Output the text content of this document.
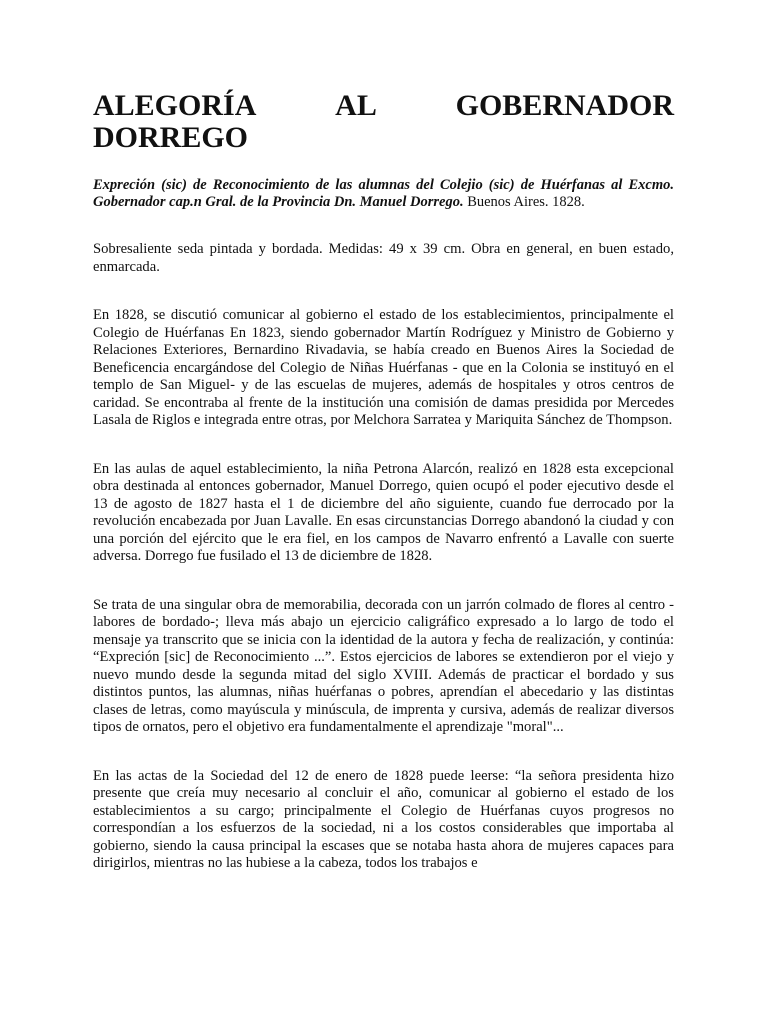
ALEGORÍA	AL	GOBERNADOR
DORREGO
Expreción (sic) de Reconocimiento de las alumnas del Colejio (sic) de Huérfanas al Excmo. Gobernador cap.n Gral. de la Provincia Dn. Manuel Dorrego. Buenos Aires. 1828.

Sobresaliente seda pintada y bordada. Medidas: 49 x 39 cm. Obra en general, en buen estado, enmarcada.

En 1828, se discutió comunicar al gobierno el estado de los establecimientos, principalmente el Colegio de Huérfanas En 1823, siendo gobernador Martín Rodríguez y Ministro de Gobierno y Relaciones Exteriores, Bernardino Rivadavia, se había creado en Buenos Aires la Sociedad de Beneficencia encargándose del Colegio de Niñas Huérfanas - que en la Colonia se instituyó en el templo de San Miguel- y de las escuelas de mujeres, además de hospitales y otros centros de caridad. Se encontraba al frente de la institución una comisión de damas presidida por Mercedes Lasala de Riglos e integrada entre otras, por Melchora Sarratea y Mariquita Sánchez de Thompson.

En las aulas de aquel establecimiento, la niña Petrona Alarcón, realizó en 1828 esta excepcional obra destinada al entonces gobernador, Manuel Dorrego, quien ocupó el poder ejecutivo desde el 13 de agosto de 1827 hasta el 1 de diciembre del año siguiente, cuando fue derrocado por la revolución encabezada por Juan Lavalle. En esas circunstancias Dorrego abandonó la ciudad y con una porción del ejército que le era fiel, en los campos de Navarro enfrentó a Lavalle con suerte adversa. Dorrego fue fusilado el 13 de diciembre de 1828.

Se trata de una singular obra de memorabilia, decorada con un jarrón colmado de flores al centro -labores de bordado-; lleva más abajo un ejercicio caligráfico expresado a lo largo de todo el mensaje ya transcrito que se inicia con la identidad de la autora y fecha de realización, y continúa: “Expreción [sic] de Reconocimiento ...”. Estos ejercicios de labores se extendieron por el viejo y nuevo mundo desde la segunda mitad del siglo XVIII. Además de practicar el bordado y sus distintos puntos, las alumnas, niñas huérfanas o pobres, aprendían el abecedario y las distintas clases de letras, como mayúscula y minúscula, de imprenta y cursiva, además de realizar diversos tipos de ornatos, pero el objetivo era fundamentalmente el aprendizaje "moral"...

En las actas de la Sociedad del 12 de enero de 1828 puede leerse: “la señora presidenta hizo presente que creía muy necesario al concluir el año, comunicar al gobierno el estado de los establecimientos a su cargo; principalmente el Colegio de Huérfanas cuyos progresos no correspondían a los esfuerzos de la sociedad, ni a los costos considerables que importaba al gobierno, siendo la causa principal la escases que se notaba hasta ahora de mujeres capaces para dirigirlos, mientras no las hubiese a la cabeza, todos los trabajos e
